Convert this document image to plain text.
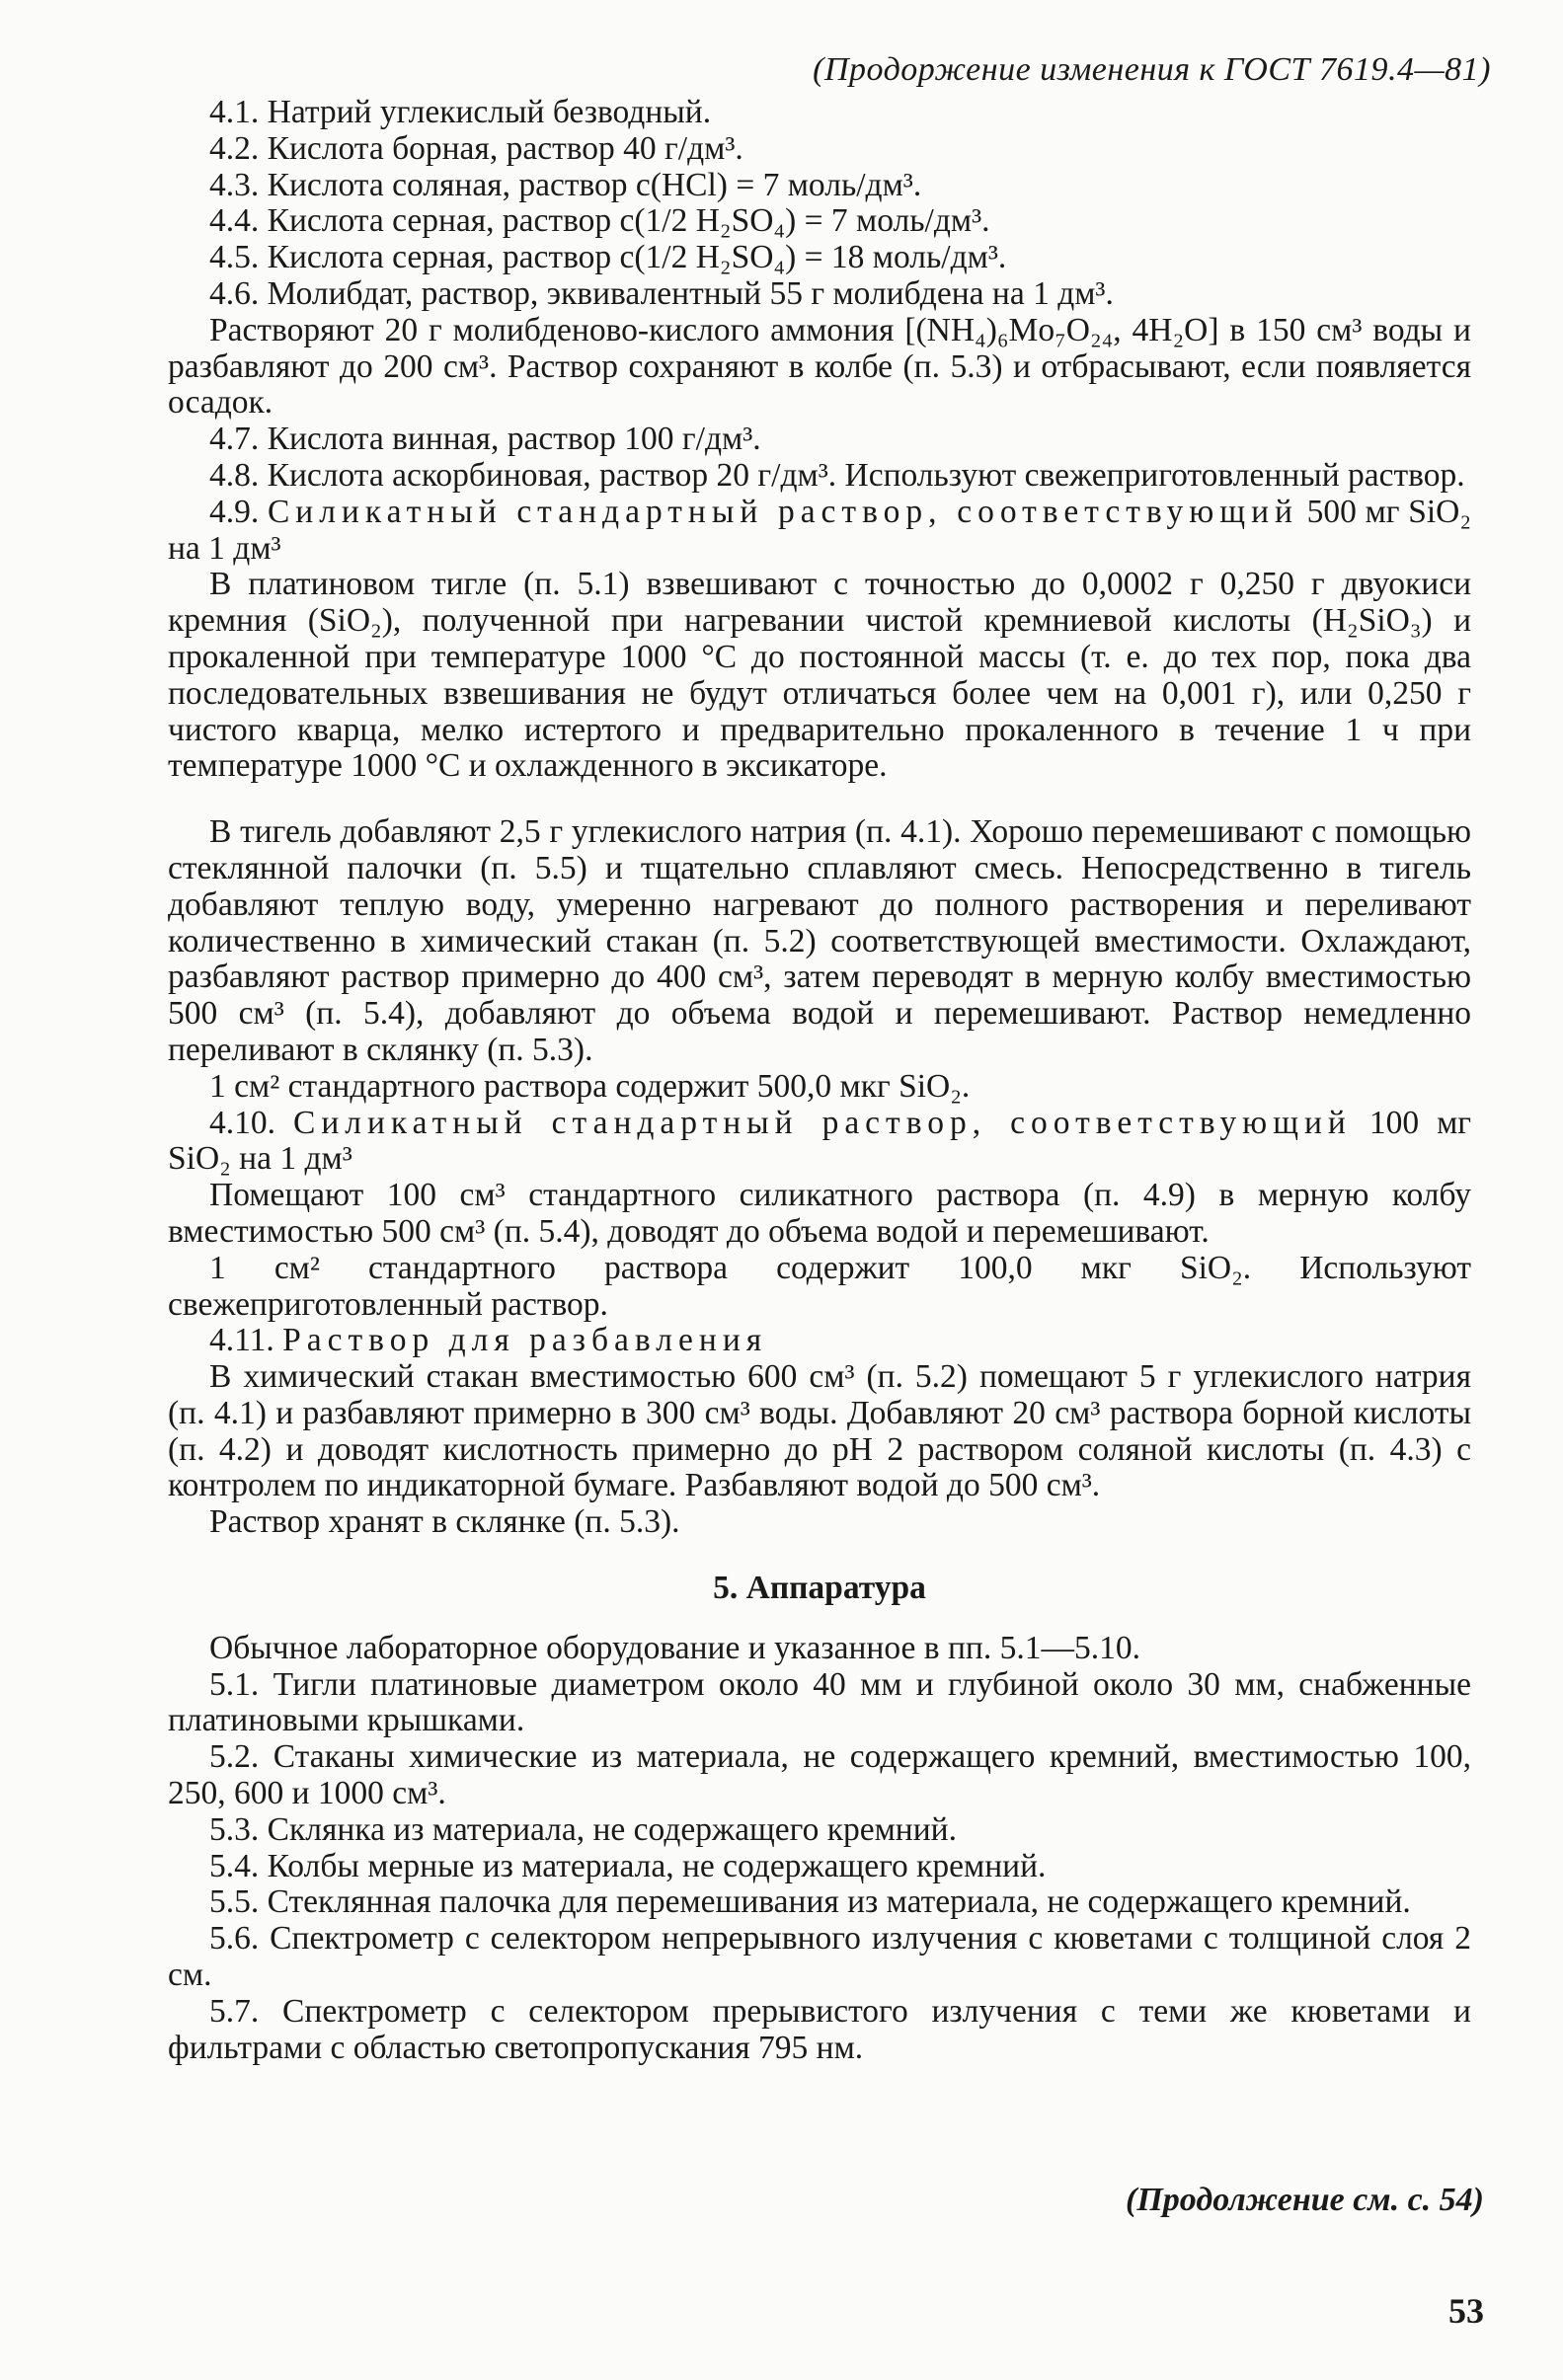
(Продоржение изменения к ГОСТ 7619.4—81)

4.1. Натрий углекислый безводный.

4.2. Кислота борная, раствор 40 г/дм³.

4.3. Кислота соляная, раствор c(HCl) = 7 моль/дм³.

4.4. Кислота серная, раствор c(1/2 H₂SO₄) = 7 моль/дм³.

4.5. Кислота серная, раствор c(1/2 H₂SO₄) = 18 моль/дм³.

4.6. Молибдат, раствор, эквивалентный 55 г молибдена на 1 дм³.

Растворяют 20 г молибденово-кислого аммония [(NH₄)₆Mo₇O₂₄, 4H₂O] в 150 см³ воды и разбавляют до 200 см³. Раствор сохраняют в колбе (п. 5.3) и отбрасывают, если появляется осадок.

4.7. Кислота винная, раствор 100 г/дм³.

4.8. Кислота аскорбиновая, раствор 20 г/дм³. Используют свежеприготовленный раствор.

4.9. Силикатный стандартный раствор, соответствующий 500 мг SiO₂ на 1 дм³

В платиновом тигле (п. 5.1) взвешивают с точностью до 0,0002 г 0,250 г двуокиси кремния (SiO₂), полученной при нагревании чистой кремниевой кислоты (H₂SiO₃) и прокаленной при температуре 1000 °С до постоянной массы (т. е. до тех пор, пока два последовательных взвешивания не будут отличаться более чем на 0,001 г), или 0,250 г чистого кварца, мелко истертого и предварительно прокаленного в течение 1 ч при температуре 1000 °С и охлажденного в эксикаторе.

В тигель добавляют 2,5 г углекислого натрия (п. 4.1). Хорошо перемешивают с помощью стеклянной палочки (п. 5.5) и тщательно сплавляют смесь. Непосредственно в тигель добавляют теплую воду, умеренно нагревают до полного растворения и переливают количественно в химический стакан (п. 5.2) соответствующей вместимости. Охлаждают, разбавляют раствор примерно до 400 см³, затем переводят в мерную колбу вместимостью 500 см³ (п. 5.4), добавляют до объема водой и перемешивают. Раствор немедленно переливают в склянку (п. 5.3).

1 см² стандартного раствора содержит 500,0 мкг SiO₂.

4.10. Силикатный стандартный раствор, соответствующий 100 мг SiO₂ на 1 дм³

Помещают 100 см³ стандартного силикатного раствора (п. 4.9) в мерную колбу вместимостью 500 см³ (п. 5.4), доводят до объема водой и перемешивают.

1 см² стандартного раствора содержит 100,0 мкг SiO₂. Используют свежеприготовленный раствор.

4.11. Раствор для разбавления

В химический стакан вместимостью 600 см³ (п. 5.2) помещают 5 г углекислого натрия (п. 4.1) и разбавляют примерно в 300 см³ воды. Добавляют 20 см³ раствора борной кислоты (п. 4.2) и доводят кислотность примерно до pH 2 раствором соляной кислоты (п. 4.3) с контролем по индикаторной бумаге. Разбавляют водой до 500 см³.

Раствор хранят в склянке (п. 5.3).

5. Аппаратура

Обычное лабораторное оборудование и указанное в пп. 5.1—5.10.

5.1. Тигли платиновые диаметром около 40 мм и глубиной около 30 мм, снабженные платиновыми крышками.

5.2. Стаканы химические из материала, не содержащего кремний, вместимостью 100, 250, 600 и 1000 см³.

5.3. Склянка из материала, не содержащего кремний.

5.4. Колбы мерные из материала, не содержащего кремний.

5.5. Стеклянная палочка для перемешивания из материала, не содержащего кремний.

5.6. Спектрометр с селектором непрерывного излучения с кюветами с толщиной слоя 2 см.

5.7. Спектрометр с селектором прерывистого излучения с теми же кюветами и фильтрами с областью светопропускания 795 нм.

(Продолжение см. с. 54)
53
